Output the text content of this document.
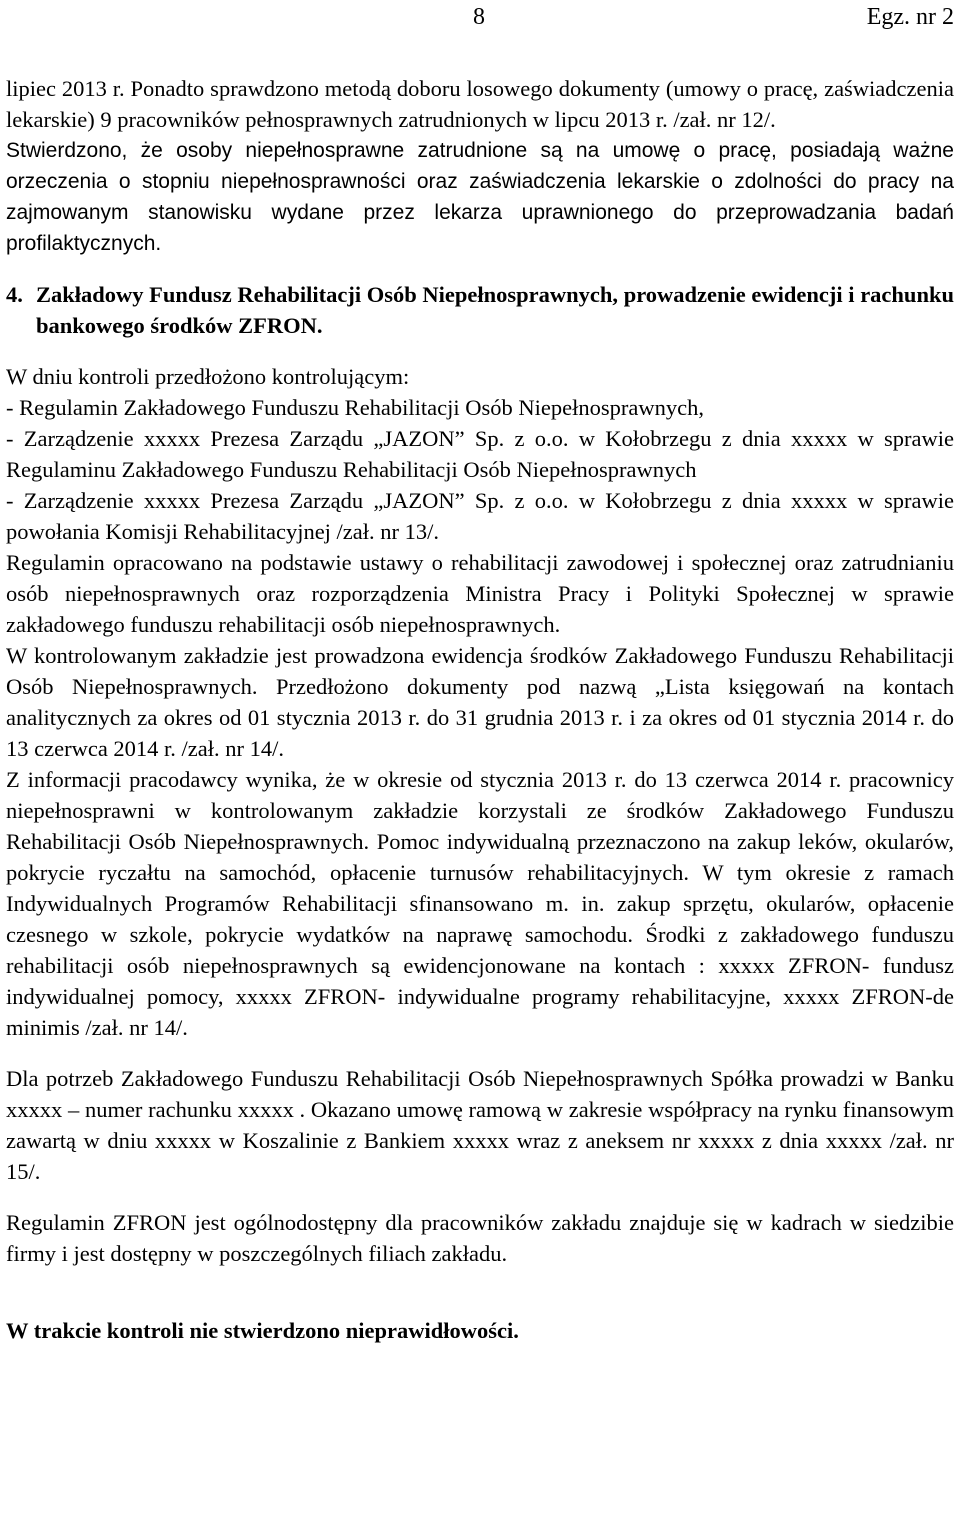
8	Egz. nr 2

lipiec 2013 r. Ponadto sprawdzono metodą doboru losowego dokumenty (umowy o pracę, zaświadczenia lekarskie) 9 pracowników pełnosprawnych zatrudnionych w lipcu 2013 r. /zał. nr 12/.

Stwierdzono, że osoby niepełnosprawne zatrudnione są na umowę o pracę, posiadają ważne orzeczenia o stopniu niepełnosprawności oraz zaświadczenia lekarskie o zdolności do pracy na zajmowanym stanowisku wydane przez lekarza uprawnionego do przeprowadzania badań profilaktycznych.

4. Zakładowy Fundusz Rehabilitacji Osób Niepełnosprawnych, prowadzenie ewidencji i rachunku bankowego środków ZFRON.

W dniu kontroli przedłożono kontrolującym:

- Regulamin Zakładowego Funduszu Rehabilitacji Osób Niepełnosprawnych,

- Zarządzenie xxxxx Prezesa Zarządu „JAZON” Sp. z o.o. w Kołobrzegu z dnia xxxxx w sprawie Regulaminu Zakładowego Funduszu Rehabilitacji Osób Niepełnosprawnych

- Zarządzenie xxxxx Prezesa Zarządu „JAZON” Sp. z o.o. w Kołobrzegu z dnia xxxxx w sprawie powołania Komisji Rehabilitacyjnej /zał. nr 13/.

Regulamin opracowano na podstawie ustawy o rehabilitacji zawodowej i społecznej oraz zatrudnianiu osób niepełnosprawnych oraz rozporządzenia Ministra Pracy i Polityki Społecznej w sprawie zakładowego funduszu rehabilitacji osób niepełnosprawnych.

W kontrolowanym zakładzie jest prowadzona ewidencja środków Zakładowego Funduszu Rehabilitacji Osób Niepełnosprawnych. Przedłożono dokumenty pod nazwą „Lista księgowań na kontach analitycznych za okres od 01 stycznia 2013 r. do 31 grudnia 2013 r. i za okres od 01 stycznia 2014 r. do 13 czerwca 2014 r. /zał. nr 14/.

Z informacji pracodawcy wynika, że w okresie od stycznia 2013 r. do 13 czerwca 2014 r. pracownicy niepełnosprawni w kontrolowanym zakładzie korzystali ze środków Zakładowego Funduszu Rehabilitacji Osób Niepełnosprawnych. Pomoc indywidualną przeznaczono na zakup leków, okularów, pokrycie ryczałtu na samochód, opłacenie turnusów rehabilitacyjnych. W tym okresie z ramach Indywidualnych Programów Rehabilitacji sfinansowano m. in. zakup sprzętu, okularów, opłacenie czesnego w szkole, pokrycie wydatków na naprawę samochodu. Środki z zakładowego funduszu rehabilitacji osób niepełnosprawnych są ewidencjonowane na kontach : xxxxx ZFRON- fundusz indywidualnej pomocy, xxxxx ZFRON- indywidualne programy rehabilitacyjne, xxxxx ZFRON-de minimis /zał. nr 14/.

Dla potrzeb Zakładowego Funduszu Rehabilitacji Osób Niepełnosprawnych Spółka prowadzi w Banku xxxxx – numer rachunku xxxxx . Okazano umowę ramową w zakresie współpracy na rynku finansowym zawartą w dniu xxxxx w Koszalinie z Bankiem xxxxx wraz z aneksem nr xxxxx z dnia xxxxx /zał. nr 15/.

Regulamin ZFRON jest ogólnodostępny dla pracowników zakładu znajduje się w kadrach w siedzibie firmy i jest dostępny w poszczególnych filiach zakładu.

W trakcie kontroli nie stwierdzono nieprawidłowości.
